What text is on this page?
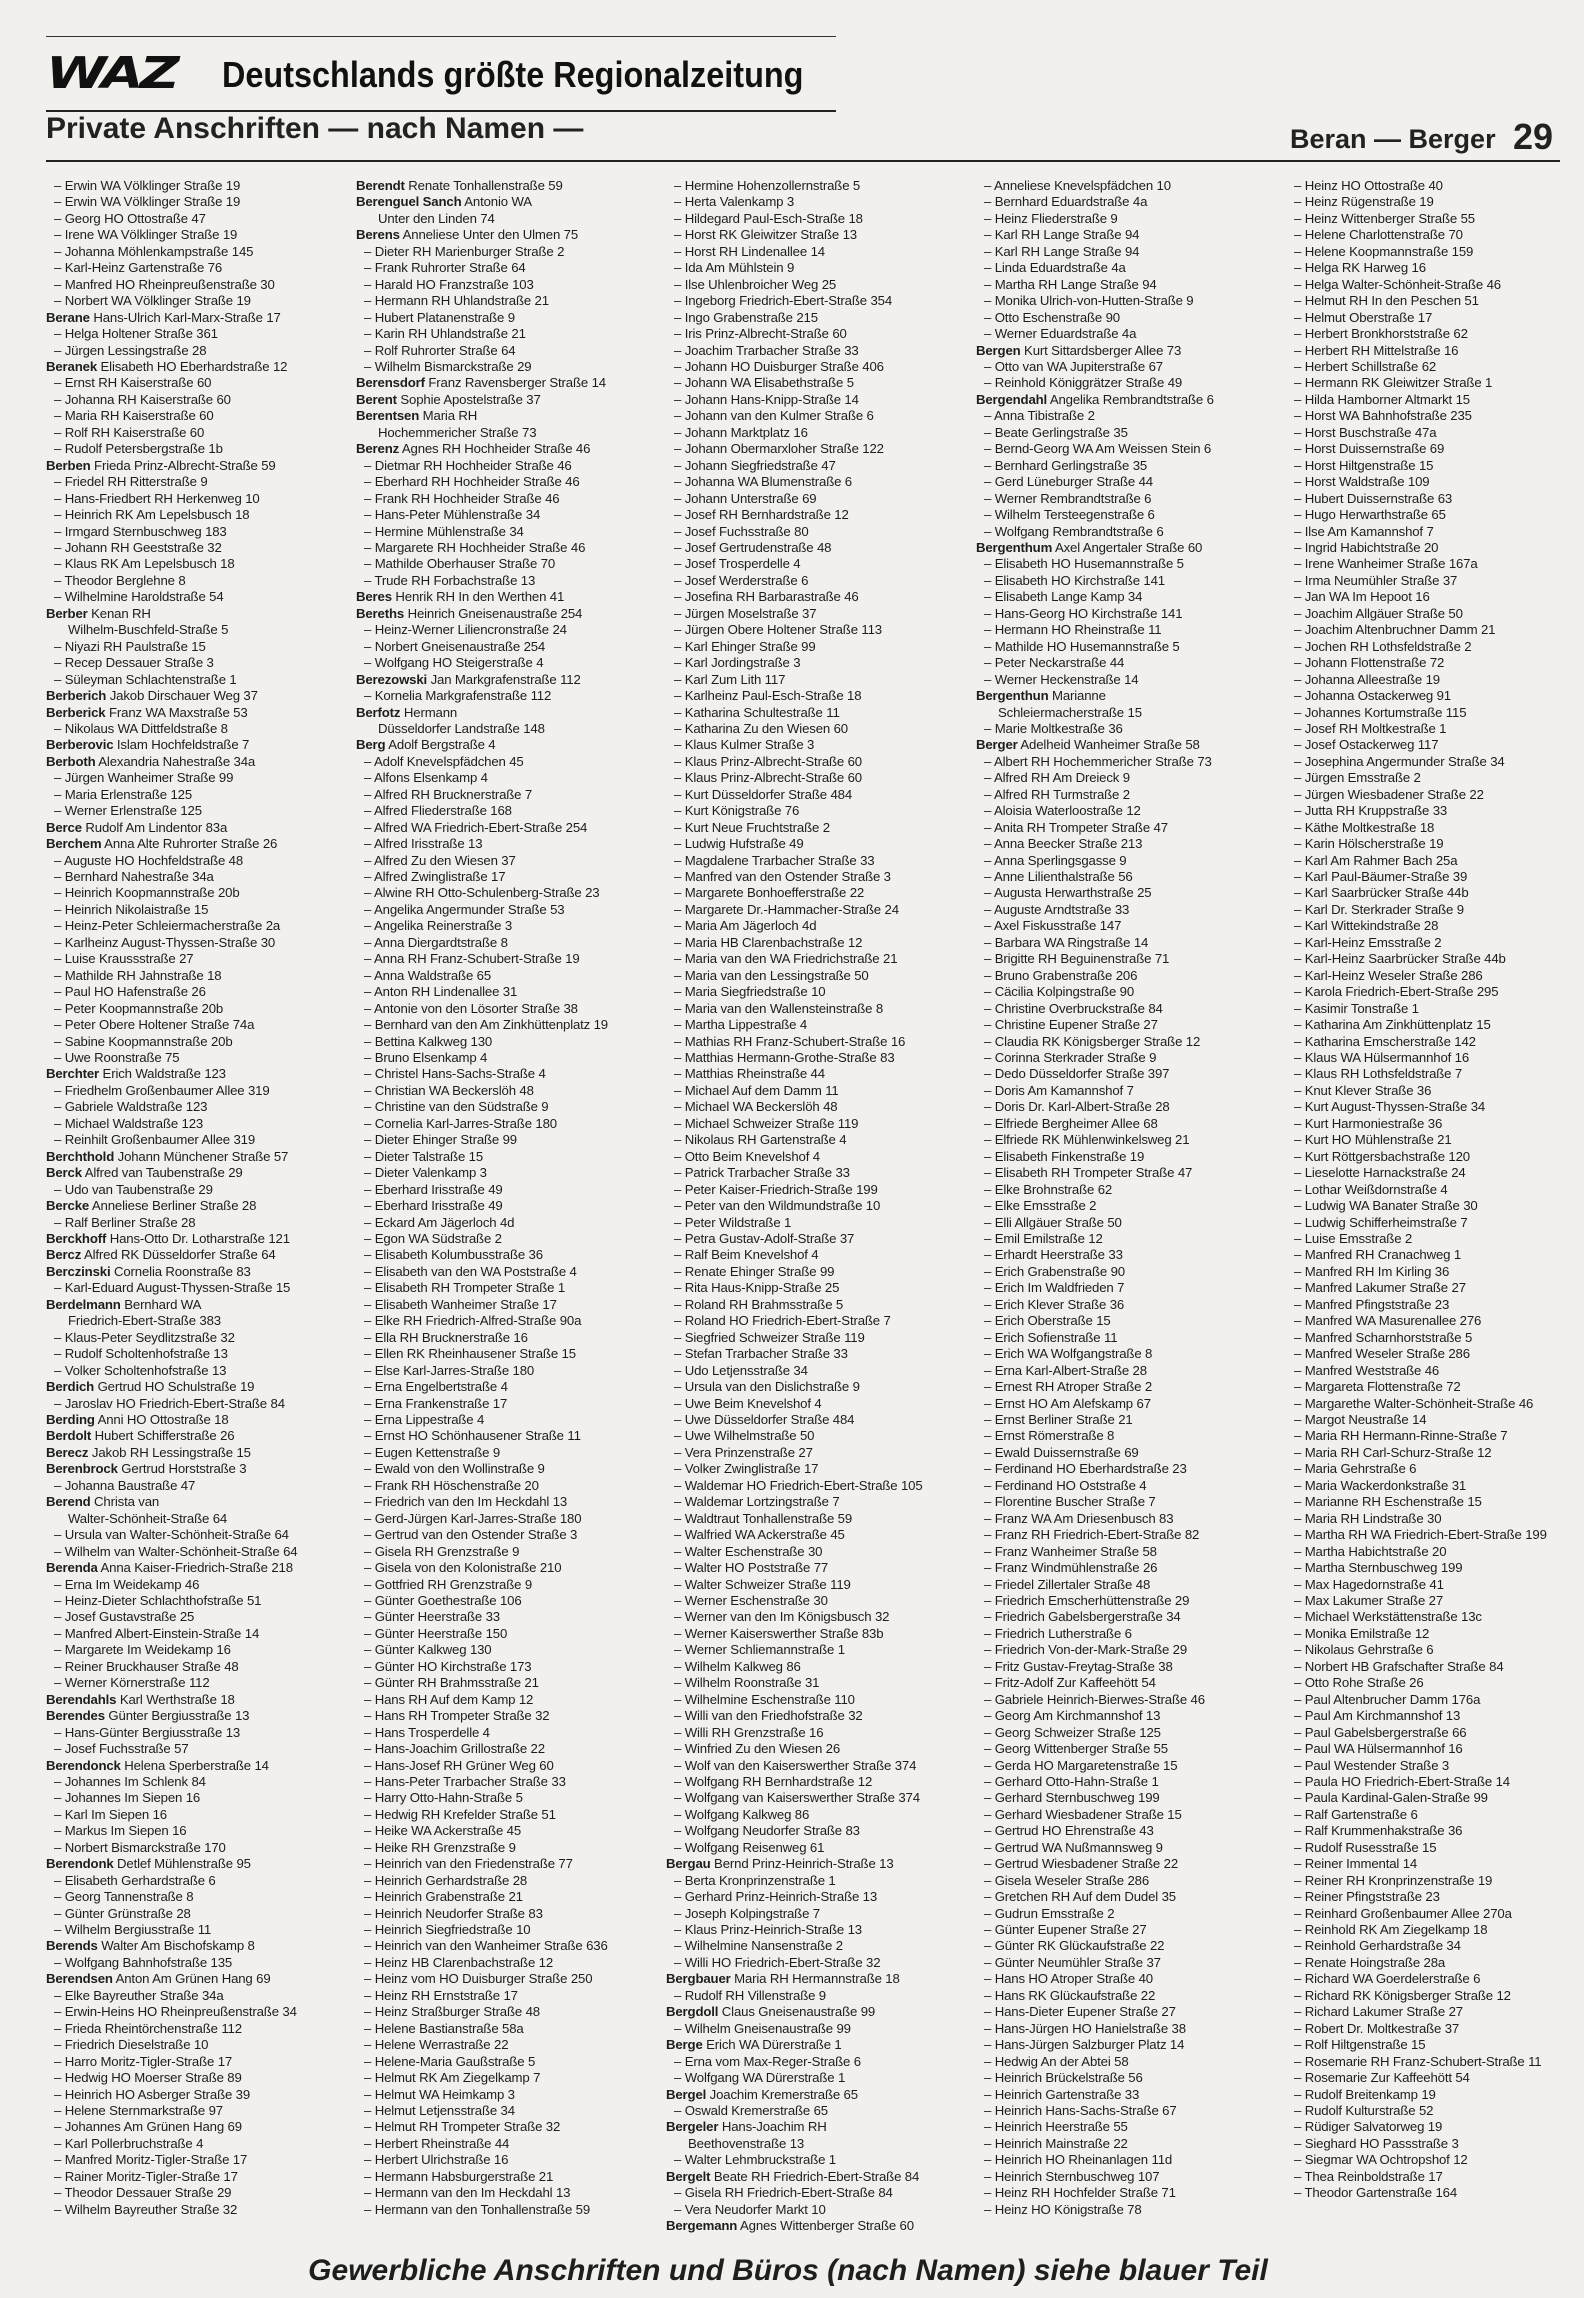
WAZ Deutschlands größte Regionalzeitung
Private Anschriften — nach Namen —	Beran — Berger 29
– Erwin WA Völklinger Straße 19
– Erwin WA Völklinger Straße 19
– Georg HO Ottostraße 47
– Irene WA Völklinger Straße 19
– Johanna Möhlenkampstraße 145
– Karl-Heinz Gartenstraße 76
– Manfred HO Rheinpreußenstraße 30
– Norbert WA Völklinger Straße 19
Berane Hans-Ulrich Karl-Marx-Straße 17
– Helga Holtener Straße 361
– Jürgen Lessingstraße 28
Beranek Elisabeth HO Eberhardstraße 12
– Ernst RH Kaiserstraße 60
– Johanna RH Kaiserstraße 60
– Maria RH Kaiserstraße 60
– Rolf RH Kaiserstraße 60
– Rudolf Petersbergstraße 1b
Berben Frieda Prinz-Albrecht-Straße 59
– Friedel RH Ritterstraße 9
– Hans-Friedbert RH Herkenweg 10
– Heinrich RK Am Lepelsbusch 18
– Irmgard Sternbuschweg 183
– Johann RH Geeststraße 32
– Klaus RK Am Lepelsbusch 18
– Theodor Berglehne 8
– Wilhelmine Haroldstraße 54
Berber Kenan RH
Wilhelm-Buschfeld-Straße 5
– Niyazi RH Paulstraße 15
– Recep Dessauer Straße 3
– Süleyman Schlachtenstraße 1
Berberich Jakob Dirschauer Weg 37
Berberick Franz WA Maxstraße 53
– Nikolaus WA Dittfeldstraße 8
Berberovic Islam Hochfeldstraße 7
Berboth Alexandria Nahestraße 34a
– Jürgen Wanheimer Straße 99
– Maria Erlenstraße 125
– Werner Erlenstraße 125
Berce Rudolf Am Lindentor 83a
Berchem Anna Alte Ruhrorter Straße 26
– Auguste HO Hochfeldstraße 48
– Bernhard Nahestraße 34a
– Heinrich Koopmannstraße 20b
– Heinrich Nikolaistraße 15
– Heinz-Peter Schleiermacherstraße 2a
– Karlheinz August-Thyssen-Straße 30
– Luise Kraussstraße 27
– Mathilde RH Jahnstraße 18
– Paul HO Hafenstraße 26
– Peter Koopmannstraße 20b
– Peter Obere Holtener Straße 74a
– Sabine Koopmannstraße 20b
– Uwe Roonstraße 75
Berchter Erich Waldstraße 123
– Friedhelm Großenbaumer Allee 319
– Gabriele Waldstraße 123
– Michael Waldstraße 123
– Reinhilt Großenbaumer Allee 319
Berchthold Johann Münchener Straße 57
Berck Alfred van Taubenstraße 29
– Udo van Taubenstraße 29
Bercke Anneliese Berliner Straße 28
– Ralf Berliner Straße 28
Berckhoff Hans-Otto Dr. Lotharstraße 121
Bercz Alfred RK Düsseldorfer Straße 64
Berczinski Cornelia Roonstraße 83
– Karl-Eduard August-Thyssen-Straße 15
Berdelmann Bernhard WA
Friedrich-Ebert-Straße 383
– Klaus-Peter Seydlitzstraße 32
– Rudolf Scholtenhofstraße 13
– Volker Scholtenhofstraße 13
Berdich Gertrud HO Schulstraße 19
– Jaroslav HO Friedrich-Ebert-Straße 84
Berding Anni HO Ottostraße 18
Berdolt Hubert Schifferstraße 26
Berecz Jakob RH Lessingstraße 15
Berenbrock Gertrud Horststraße 3
– Johanna Baustraße 47
Berend Christa van
Walter-Schönheit-Straße 64
– Ursula van Walter-Schönheit-Straße 64
– Wilhelm van Walter-Schönheit-Straße 64
Berenda Anna Kaiser-Friedrich-Straße 218
– Erna Im Weidekamp 46
– Heinz-Dieter Schlachthofstraße 51
– Josef Gustavstraße 25
– Manfred Albert-Einstein-Straße 14
– Margarete Im Weidekamp 16
– Reiner Bruckhauser Straße 48
– Werner Körnerstraße 112
Berendahls Karl Werthstraße 18
Berendes Günter Bergiusstraße 13
– Hans-Günter Bergiusstraße 13
– Josef Fuchsstraße 57
Berendonck Helena Sperberstraße 14
– Johannes Im Schlenk 84
– Johannes Im Siepen 16
– Karl Im Siepen 16
– Markus Im Siepen 16
– Norbert Bismarckstraße 170
Berendonk Detlef Mühlenstraße 95
– Elisabeth Gerhardstraße 6
– Georg Tannenstraße 8
– Günter Grünstraße 28
– Wilhelm Bergiusstraße 11
Berends Walter Am Bischofskamp 8
– Wolfgang Bahnhofstraße 135
Berendsen Anton Am Grünen Hang 69
– Elke Bayreuther Straße 34a
– Erwin-Heins HO Rheinpreußenstraße 34
– Frieda Rheintörchenstraße 112
– Friedrich Dieselstraße 10
– Harro Moritz-Tigler-Straße 17
– Hedwig HO Moerser Straße 89
– Heinrich HO Asberger Straße 39
– Helene Sternmarkstraße 97
– Johannes Am Grünen Hang 69
– Karl Pollerbruchstraße 4
– Manfred Moritz-Tigler-Straße 17
– Rainer Moritz-Tigler-Straße 17
– Theodor Dessauer Straße 29
– Wilhelm Bayreuther Straße 32
Berendt Renate Tonhallenstraße 59
Berenguel Sanch Antonio WA
Unter den Linden 74
Berens Anneliese Unter den Ulmen 75
– Dieter RH Marienburger Straße 2
– Frank Ruhrorter Straße 64
– Harald HO Franzstraße 103
– Hermann RH Uhlandstraße 21
– Hubert Platanenstraße 9
– Karin RH Uhlandstraße 21
– Rolf Ruhrorter Straße 64
– Wilhelm Bismarckstraße 29
Berensdorf Franz Ravensberger Straße 14
Berent Sophie Apostelstraße 37
Berentsen Maria RH
Hochemmericher Straße 73
Berenz Agnes RH Hochheider Straße 46
– Dietmar RH Hochheider Straße 46
– Eberhard RH Hochheider Straße 46
– Frank RH Hochheider Straße 46
– Hans-Peter Mühlenstraße 34
– Hermine Mühlenstraße 34
– Margarete RH Hochheider Straße 46
– Mathilde Oberhauser Straße 70
– Trude RH Forbachstraße 13
Beres Henrik RH In den Werthen 41
Bereths Heinrich Gneisenaustraße 254
– Heinz-Werner Liliencronstraße 24
– Norbert Gneisenaustraße 254
– Wolfgang HO Steigerstraße 4
Berezowski Jan Markgrafenstraße 112
– Kornelia Markgrafenstraße 112
Berfotz Hermann
Düsseldorfer Landstraße 148
Berg Adolf Bergstraße 4
– Adolf Knevelspfädchen 45
– Alfons Elsenkamp 4
– Alfred RH Brucknerstraße 7
– Alfred Fliederstraße 168
– Alfred WA Friedrich-Ebert-Straße 254
– Alfred Irisstraße 13
– Alfred Zu den Wiesen 37
– Alfred Zwinglistraße 17
– Alwine RH Otto-Schulenberg-Straße 23
– Angelika Angermunder Straße 53
– Angelika Reinerstraße 3
– Anna Diergardtstraße 8
– Anna RH Franz-Schubert-Straße 19
– Anna Waldstraße 65
– Anton RH Lindenallee 31
– Antonie von den Lösorter Straße 38
– Bernhard van den Am Zinkhüttenplatz 19
– Bettina Kalkweg 130
– Bruno Elsenkamp 4
– Christel Hans-Sachs-Straße 4
– Christian WA Beckerslöh 48
– Christine van den Südstraße 9
– Cornelia Karl-Jarres-Straße 180
– Dieter Ehinger Straße 99
– Dieter Talstraße 15
– Dieter Valenkamp 3
– Eberhard Irisstraße 49
– Eberhard Irisstraße 49
– Eckard Am Jägerloch 4d
– Egon WA Südstraße 2
– Elisabeth Kolumbusstraße 36
– Elisabeth van den WA Poststraße 4
– Elisabeth RH Trompeter Straße 1
– Elisabeth Wanheimer Straße 17
– Elke RH Friedrich-Alfred-Straße 90a
– Ella RH Brucknerstraße 16
– Ellen RK Rheinhausener Straße 15
– Else Karl-Jarres-Straße 180
– Erna Engelbertstraße 4
– Erna Frankenstraße 17
– Erna Lippestraße 4
– Ernst HO Schönhausener Straße 11
– Eugen Kettenstraße 9
– Ewald von den Wollinstraße 9
– Frank RH Höschenstraße 20
– Friedrich van den Im Heckdahl 13
– Gerd-Jürgen Karl-Jarres-Straße 180
– Gertrud van den Ostender Straße 3
– Gisela RH Grenzstraße 9
– Gisela von den Kolonistraße 210
– Gottfried RH Grenzstraße 9
– Günter Goethestraße 106
– Günter Heerstraße 33
– Günter Heerstraße 150
– Günter Kalkweg 130
– Günter HO Kirchstraße 173
– Günter RH Brahmsstraße 21
– Hans RH Auf dem Kamp 12
– Hans RH Trompeter Straße 32
– Hans Trosperdelle 4
– Hans-Joachim Grillostraße 22
– Hans-Josef RH Grüner Weg 60
– Hans-Peter Trarbacher Straße 33
– Harry Otto-Hahn-Straße 5
– Hedwig RH Krefelder Straße 51
– Heike WA Ackerstraße 45
– Heike RH Grenzstraße 9
– Heinrich van den Friedenstraße 77
– Heinrich Gerhardstraße 28
– Heinrich Grabenstraße 21
– Heinrich Neudorfer Straße 83
– Heinrich Siegfriedstraße 10
– Heinrich van den Wanheimer Straße 636
– Heinz HB Clarenbachstraße 12
– Heinz vom HO Duisburger Straße 250
– Heinz RH Ernststraße 17
– Heinz Straßburger Straße 48
– Helene Bastianstraße 58a
– Helene Werrastraße 22
– Helene-Maria Gaußstraße 5
– Helmut RK Am Ziegelkamp 7
– Helmut WA Heimkamp 3
– Helmut Letjensstraße 34
– Helmut RH Trompeter Straße 32
– Herbert Rheinstraße 44
– Herbert Ulrichstraße 16
– Hermann Habsburgerstraße 21
– Hermann van den Im Heckdahl 13
– Hermann van den Tonhallenstraße 59
– Hermine Hohenzollernstraße 5
– Herta Valenkamp 3
– Hildegard Paul-Esch-Straße 18
– Horst RK Gleiwitzer Straße 13
– Horst RH Lindenallee 14
– Ida Am Mühlstein 9
– Ilse Uhlenbroicher Weg 25
– Ingeborg Friedrich-Ebert-Straße 354
– Ingo Grabenstraße 215
– Iris Prinz-Albrecht-Straße 60
– Joachim Trarbacher Straße 33
– Johann HO Duisburger Straße 406
– Johann WA Elisabethstraße 5
– Johann Hans-Knipp-Straße 14
– Johann van den Kulmer Straße 6
– Johann Marktplatz 16
– Johann Obermarxloher Straße 122
– Johann Siegfriedstraße 47
– Johanna WA Blumenstraße 6
– Johann Unterstraße 69
– Josef RH Bernhardstraße 12
– Josef Fuchsstraße 80
– Josef Gertrudenstraße 48
– Josef Trosperdelle 4
– Josef Werderstraße 6
– Josefina RH Barbarastraße 46
– Jürgen Moselstraße 37
– Jürgen Obere Holtener Straße 113
– Karl Ehinger Straße 99
– Karl Jordingstraße 3
– Karl Zum Lith 117
– Karlheinz Paul-Esch-Straße 18
– Katharina Schultestraße 11
– Katharina Zu den Wiesen 60
– Klaus Kulmer Straße 3
– Klaus Prinz-Albrecht-Straße 60
– Klaus Prinz-Albrecht-Straße 60
– Kurt Düsseldorfer Straße 484
– Kurt Königstraße 76
– Kurt Neue Fruchtstraße 2
– Ludwig Hufstraße 49
– Magdalene Trarbacher Straße 33
– Manfred van den Ostender Straße 3
– Margarete Bonhoefferstraße 22
– Margarete Dr.-Hammacher-Straße 24
– Maria Am Jägerloch 4d
– Maria HB Clarenbachstraße 12
– Maria van den WA Friedrichstraße 21
– Maria van den Lessingstraße 50
– Maria Siegfriedstraße 10
– Maria van den Wallensteinstraße 8
– Martha Lippestraße 4
– Mathias RH Franz-Schubert-Straße 16
– Matthias Hermann-Grothe-Straße 83
– Matthias Rheinstraße 44
– Michael Auf dem Damm 11
– Michael WA Beckerslöh 48
– Michael Schweizer Straße 119
– Nikolaus RH Gartenstraße 4
– Otto Beim Knevelshof 4
– Patrick Trarbacher Straße 33
– Peter Kaiser-Friedrich-Straße 199
– Peter van den Wildmundstraße 10
– Peter Wildstraße 1
– Petra Gustav-Adolf-Straße 37
– Ralf Beim Knevelshof 4
– Renate Ehinger Straße 99
– Rita Haus-Knipp-Straße 25
– Roland RH Brahmsstraße 5
– Roland HO Friedrich-Ebert-Straße 7
– Siegfried Schweizer Straße 119
– Stefan Trarbacher Straße 33
– Udo Letjensstraße 34
– Ursula van den Dislichstraße 9
– Uwe Beim Knevelshof 4
– Uwe Düsseldorfer Straße 484
– Uwe Wilhelmstraße 50
– Vera Prinzenstraße 27
– Volker Zwinglistraße 17
– Waldemar HO Friedrich-Ebert-Straße 105
– Waldemar Lortzingstraße 7
– Waldtraut Tonhallenstraße 59
– Walfried WA Ackerstraße 45
– Walter Eschenstraße 30
– Walter HO Poststraße 77
– Walter Schweizer Straße 119
– Werner Eschenstraße 30
– Werner van den Im Königsbusch 32
– Werner Kaiserswerther Straße 83b
– Werner Schliemannstraße 1
– Wilhelm Kalkweg 86
– Wilhelm Roonstraße 31
– Wilhelmine Eschenstraße 110
– Willi van den Friedhofstraße 32
– Willi RH Grenzstraße 16
– Winfried Zu den Wiesen 26
– Wolf van den Kaiserswerther Straße 374
– Wolfgang RH Bernhardstraße 12
– Wolfgang van Kaiserswerther Straße 374
– Wolfgang Kalkweg 86
– Wolfgang Neudorfer Straße 83
– Wolfgang Reisenweg 61
Bergau Bernd Prinz-Heinrich-Straße 13
– Berta Kronprinzenstraße 1
– Gerhard Prinz-Heinrich-Straße 13
– Joseph Kolpingstraße 7
– Klaus Prinz-Heinrich-Straße 13
– Wilhelmine Nansenstraße 2
– Willi HO Friedrich-Ebert-Straße 32
Bergbauer Maria RH Hermannstraße 18
– Rudolf RH Villenstraße 9
Bergdoll Claus Gneisenaustraße 99
– Wilhelm Gneisenaustraße 99
Berge Erich WA Dürerstraße 1
– Erna vom Max-Reger-Straße 6
– Wolfgang WA Dürerstraße 1
Bergel Joachim Kremerstraße 65
– Oswald Kremerstraße 65
Bergeler Hans-Joachim RH
Beethovenstraße 13
– Walter Lehmbruckstraße 1
Bergelt Beate RH Friedrich-Ebert-Straße 84
– Gisela RH Friedrich-Ebert-Straße 84
– Vera Neudorfer Markt 10
Bergemann Agnes Wittenberger Straße 60
– Anneliese Knevelspfädchen 10
– Bernhard Eduardstraße 4a
– Heinz Fliederstraße 9
– Karl RH Lange Straße 94
– Karl RH Lange Straße 94
– Linda Eduardstraße 4a
– Martha RH Lange Straße 94
– Monika Ulrich-von-Hutten-Straße 9
– Otto Eschenstraße 90
– Werner Eduardstraße 4a
Bergen Kurt Sittardsberger Allee 73
– Otto van WA Jupiterstraße 67
– Reinhold Königgrätzer Straße 49
Bergendahl Angelika Rembrandtstraße 6
– Anna Tibistraße 2
– Beate Gerlingstraße 35
– Bernd-Georg WA Am Weissen Stein 6
– Bernhard Gerlingstraße 35
– Gerd Lüneburger Straße 44
– Werner Rembrandtstraße 6
– Wilhelm Tersteegenstraße 6
– Wolfgang Rembrandtstraße 6
Bergenthum Axel Angertaler Straße 60
– Elisabeth HO Husemannstraße 5
– Elisabeth HO Kirchstraße 141
– Elisabeth Lange Kamp 34
– Hans-Georg HO Kirchstraße 141
– Hermann HO Rheinstraße 11
– Mathilde HO Husemannstraße 5
– Peter Neckarstraße 44
– Werner Heckenstraße 14
Bergenthun Marianne
Schleiermacherstraße 15
– Marie Moltkestraße 36
Berger Adelheid Wanheimer Straße 58
– Albert RH Hochemmericher Straße 73
– Alfred RH Am Dreieck 9
– Alfred RH Turmstraße 2
– Aloisia Waterloostraße 12
– Anita RH Trompeter Straße 47
– Anna Beecker Straße 213
– Anna Sperlingsgasse 9
– Anne Lilienthalstraße 56
– Augusta Herwarthstraße 25
– Auguste Arndtstraße 33
– Axel Fiskusstraße 147
– Barbara WA Ringstraße 14
– Brigitte RH Beguinenstraße 71
– Bruno Grabenstraße 206
– Cäcilia Kolpingstraße 90
– Christine Overbruckstraße 84
– Christine Eupener Straße 27
– Claudia RK Königsberger Straße 12
– Corinna Sterkrader Straße 9
– Dedo Düsseldorfer Straße 397
– Doris Am Kamannshof 7
– Doris Dr. Karl-Albert-Straße 28
– Elfriede Bergheimer Allee 68
– Elfriede RK Mühlenwinkelsweg 21
– Elisabeth Finkenstraße 19
– Elisabeth RH Trompeter Straße 47
– Elke Brohnstraße 62
– Elke Emsstraße 2
– Elli Allgäuer Straße 50
– Emil Emilstraße 12
– Erhardt Heerstraße 33
– Erich Grabenstraße 90
– Erich Im Waldfrieden 7
– Erich Klever Straße 36
– Erich Oberstraße 15
– Erich Sofienstraße 11
– Erich WA Wolfgangstraße 8
– Erna Karl-Albert-Straße 28
– Ernest RH Atroper Straße 2
– Ernst HO Am Alefskamp 67
– Ernst Berliner Straße 21
– Ernst Römerstraße 8
– Ewald Duissernstraße 69
– Ferdinand HO Eberhardstraße 23
– Ferdinand HO Oststraße 4
– Florentine Buscher Straße 7
– Franz WA Am Driesenbusch 83
– Franz RH Friedrich-Ebert-Straße 82
– Franz Wanheimer Straße 58
– Franz Windmühlenstraße 26
– Friedel Zillertaler Straße 48
– Friedrich Emscherhüttenstraße 29
– Friedrich Gabelsbergerstraße 34
– Friedrich Lutherstraße 6
– Friedrich Von-der-Mark-Straße 29
– Fritz Gustav-Freytag-Straße 38
– Fritz-Adolf Zur Kaffeehött 54
– Gabriele Heinrich-Bierwes-Straße 46
– Georg Am Kirchmannshof 13
– Georg Schweizer Straße 125
– Georg Wittenberger Straße 55
– Gerda HO Margaretenstraße 15
– Gerhard Otto-Hahn-Straße 1
– Gerhard Sternbuschweg 199
– Gerhard Wiesbadener Straße 15
– Gertrud HO Ehrenstraße 43
– Gertrud WA Nußmannsweg 9
– Gertrud Wiesbadener Straße 22
– Gisela Weseler Straße 286
– Gretchen RH Auf dem Dudel 35
– Gudrun Emsstraße 2
– Günter Eupener Straße 27
– Günter RK Glückaufstraße 22
– Günter Neumühler Straße 37
– Hans HO Atroper Straße 40
– Hans RK Glückaufstraße 22
– Hans-Dieter Eupener Straße 27
– Hans-Jürgen HO Hanielstraße 38
– Hans-Jürgen Salzburger Platz 14
– Hedwig An der Abtei 58
– Heinrich Brückelstraße 56
– Heinrich Gartenstraße 33
– Heinrich Hans-Sachs-Straße 67
– Heinrich Heerstraße 55
– Heinrich Mainstraße 22
– Heinrich HO Rheinanlagen 11d
– Heinrich Sternbuschweg 107
– Heinz RH Hochfelder Straße 71
– Heinz HO Königstraße 78
– Heinz HO Ottostraße 40
– Heinz Rügenstraße 19
– Heinz Wittenberger Straße 55
– Helene Charlottenstraße 70
– Helene Koopmannstraße 159
– Helga RK Harweg 16
– Helga Walter-Schönheit-Straße 46
– Helmut RH In den Peschen 51
– Helmut Oberstraße 17
– Herbert Bronkhorststraße 62
– Herbert RH Mittelstraße 16
– Herbert Schillstraße 62
– Hermann RK Gleiwitzer Straße 1
– Hilda Hamborner Altmarkt 15
– Horst WA Bahnhofstraße 235
– Horst Buschstraße 47a
– Horst Duissernstraße 69
– Horst Hiltgenstraße 15
– Horst Waldstraße 109
– Hubert Duissernstraße 63
– Hugo Herwarthstraße 65
– Ilse Am Kamannshof 7
– Ingrid Habichtstraße 20
– Irene Wanheimer Straße 167a
– Irma Neumühler Straße 37
– Jan WA Im Hepoot 16
– Joachim Allgäuer Straße 50
– Joachim Altenbruchner Damm 21
– Jochen RH Lothsfeldstraße 2
– Johann Flottenstraße 72
– Johanna Alleestraße 19
– Johanna Ostackerweg 91
– Johannes Kortumstraße 115
– Josef RH Moltkestraße 1
– Josef Ostackerweg 117
– Josephina Angermunder Straße 34
– Jürgen Emsstraße 2
– Jürgen Wiesbadener Straße 22
– Jutta RH Kruppstraße 33
– Käthe Moltkestraße 18
– Karin Hölscherstraße 19
– Karl Am Rahmer Bach 25a
– Karl Paul-Bäumer-Straße 39
– Karl Saarbrücker Straße 44b
– Karl Dr. Sterkrader Straße 9
– Karl Wittekindstraße 28
– Karl-Heinz Emsstraße 2
– Karl-Heinz Saarbrücker Straße 44b
– Karl-Heinz Weseler Straße 286
– Karola Friedrich-Ebert-Straße 295
– Kasimir Tonstraße 1
– Katharina Am Zinkhüttenplatz 15
– Katharina Emscherstraße 142
– Klaus WA Hülsermannhof 16
– Klaus RH Lothsfeldstraße 7
– Knut Klever Straße 36
– Kurt August-Thyssen-Straße 34
– Kurt Harmoniestraße 36
– Kurt HO Mühlenstraße 21
– Kurt Röttgersbachstraße 120
– Lieselotte Harnackstraße 24
– Lothar Weißdornstraße 4
– Ludwig WA Banater Straße 30
– Ludwig Schifferheimstraße 7
– Luise Emsstraße 2
– Manfred RH Cranachweg 1
– Manfred RH Im Kirling 36
– Manfred Lakumer Straße 27
– Manfred Pfingststraße 23
– Manfred WA Masurenallee 276
– Manfred Scharnhorststraße 5
– Manfred Weseler Straße 286
– Manfred Weststraße 46
– Margareta Flottenstraße 72
– Margarethe Walter-Schönheit-Straße 46
– Margot Neustraße 14
– Maria RH Hermann-Rinne-Straße 7
– Maria RH Carl-Schurz-Straße 12
– Maria Gehrstraße 6
– Maria Wackerdonkstraße 31
– Marianne RH Eschenstraße 15
– Maria RH Lindstraße 30
– Martha RH WA Friedrich-Ebert-Straße 199
– Martha Habichtstraße 20
– Martha Sternbuschweg 199
– Max Hagedornstraße 41
– Max Lakumer Straße 27
– Michael Werkstättenstraße 13c
– Monika Emilstraße 12
– Nikolaus Gehrstraße 6
– Norbert HB Grafschafter Straße 84
– Otto Rohe Straße 26
– Paul Altenbrucher Damm 176a
– Paul Am Kirchmannshof 13
– Paul Gabelsbergerstraße 66
– Paul WA Hülsermannhof 16
– Paul Westender Straße 3
– Paula HO Friedrich-Ebert-Straße 14
– Paula Kardinal-Galen-Straße 99
– Ralf Gartenstraße 6
– Ralf Krummenhakstraße 36
– Rudolf Rusesstraße 15
– Reiner Immental 14
– Reiner RH Kronprinzenstraße 19
– Reiner Pfingststraße 23
– Reinhard Großenbaumer Allee 270a
– Reinhold RK Am Ziegelkamp 18
– Reinhold Gerhardstraße 34
– Renate Hoingstraße 28a
– Richard WA Goerdelerstraße 6
– Richard RK Königsberger Straße 12
– Richard Lakumer Straße 27
– Robert Dr. Moltkestraße 37
– Rolf Hiltgenstraße 15
– Rosemarie RH Franz-Schubert-Straße 11
– Rosemarie Zur Kaffeehött 54
– Rudolf Breitenkamp 19
– Rudolf Kulturstraße 52
– Rüdiger Salvatorweg 19
– Sieghard HO Passstraße 3
– Siegmar WA Ochtropshof 12
– Thea Reinboldstraße 17
– Theodor Gartenstraße 164
Gewerbliche Anschriften und Büros (nach Namen) siehe blauer Teil
